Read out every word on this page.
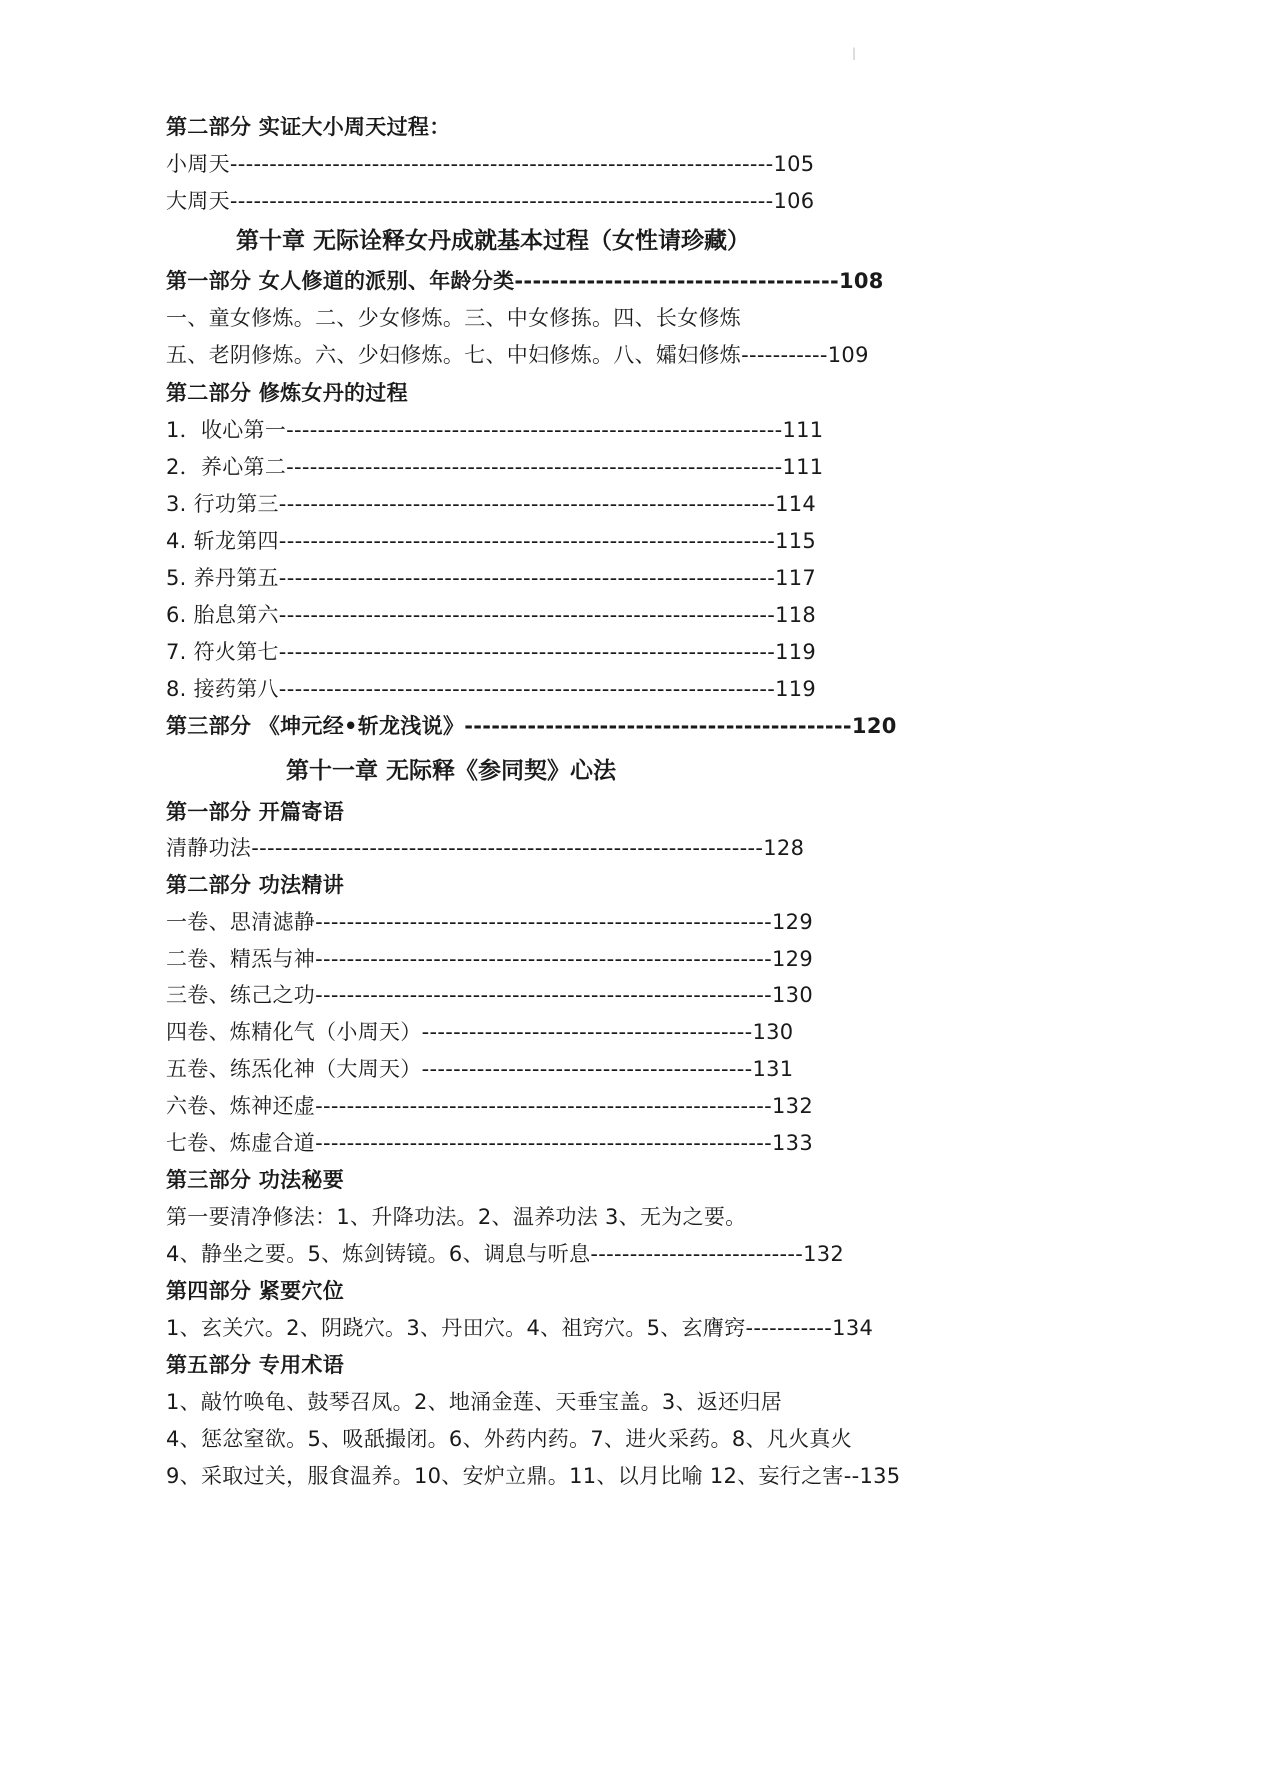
|
第二部分 实证大小周天过程：
小周天---------------------------------------------------------------------105
大周天---------------------------------------------------------------------106
第十章 无际诠释女丹成就基本过程（女性请珍藏）
第一部分 女人修道的派别、年龄分类------------------------------------108
一、童女修炼。二、少女修炼。三、中女修拣。四、长女修炼
五、老阴修炼。六、少妇修炼。七、中妇修炼。八、孀妇修炼-----------109
第二部分 修炼女丹的过程
1．收心第一---------------------------------------------------------------111
2．养心第二---------------------------------------------------------------111
3. 行功第三---------------------------------------------------------------114
4. 斩龙第四---------------------------------------------------------------115
5. 养丹第五---------------------------------------------------------------117
6. 胎息第六---------------------------------------------------------------118
7. 符火第七---------------------------------------------------------------119
8. 接药第八---------------------------------------------------------------119
第三部分 《坤元经•斩龙浅说》-------------------------------------------120
第十一章 无际释《参同契》心法
第一部分 开篇寄语
清静功法-----------------------------------------------------------------128
第二部分 功法精讲
一卷、思清滤静----------------------------------------------------------129
二卷、精炁与神----------------------------------------------------------129
三卷、练己之功----------------------------------------------------------130
四卷、炼精化气（小周天）------------------------------------------130
五卷、练炁化神（大周天）------------------------------------------131
六卷、炼神还虚----------------------------------------------------------132
七卷、炼虚合道----------------------------------------------------------133
第三部分 功法秘要
第一要清净修法：1、升降功法。2、温养功法 3、无为之要。
4、静坐之要。5、炼剑铸镜。6、调息与听息---------------------------132
第四部分 紧要穴位
1、玄关穴。2、阴跷穴。3、丹田穴。4、祖窍穴。5、玄膺窍-----------134
第五部分 专用术语
1、敲竹唤龟、鼓琴召凤。2、地涌金莲、天垂宝盖。3、返还归居
4、惩忿窒欲。5、吸舐撮闭。6、外药内药。7、进火采药。8、凡火真火
9、采取过关，服食温养。10、安炉立鼎。11、以月比喻 12、妄行之害--135
